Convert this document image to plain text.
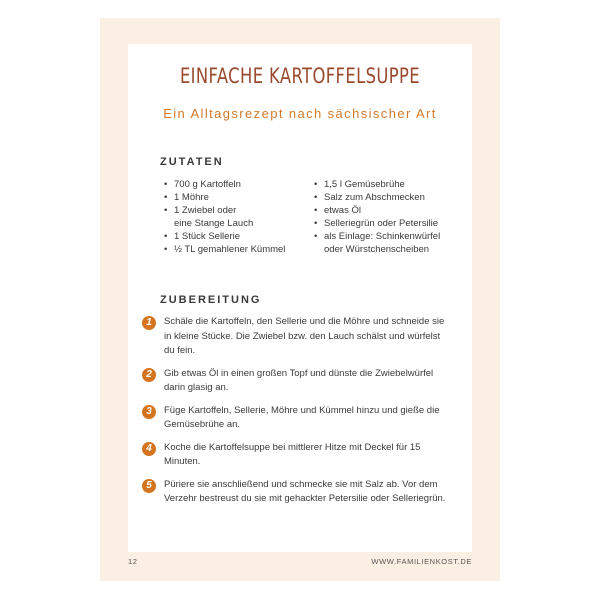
EINFACHE KARTOFFELSUPPE
Ein Alltagsrezept nach sächsischer Art
ZUTATEN
• 700 g Kartoffeln
• 1 Möhre
• 1 Zwiebel oder
eine Stange Lauch
• 1 Stück Sellerie
• ½ TL gemahlener Kümmel
• 1,5 l Gemüsebrühe
• Salz zum Abschmecken
• etwas Öl
• Selleriegrün oder Petersilie
• als Einlage: Schinkenwürfel
oder Würstchenscheiben
ZUBEREITUNG
1	Schäle die Kartoffeln, den Sellerie und die Möhre und schneide sie in kleine Stücke. Die Zwiebel bzw. den Lauch schälst und würfelst du fein.
2	Gib etwas Öl in einen großen Topf und dünste die Zwiebelwürfel darin glasig an.
3	Füge Kartoffeln, Sellerie, Möhre und Kümmel hinzu und gieße die Gemüsebrühe an.
4	Koche die Kartoffelsuppe bei mittlerer Hitze mit Deckel für 15 Minuten.
5	Püriere sie anschließend und schmecke sie mit Salz ab. Vor dem Verzehr bestreust du sie mit gehackter Petersilie oder Selleriegrün.
12	WWW.FAMILIENKOST.DE
